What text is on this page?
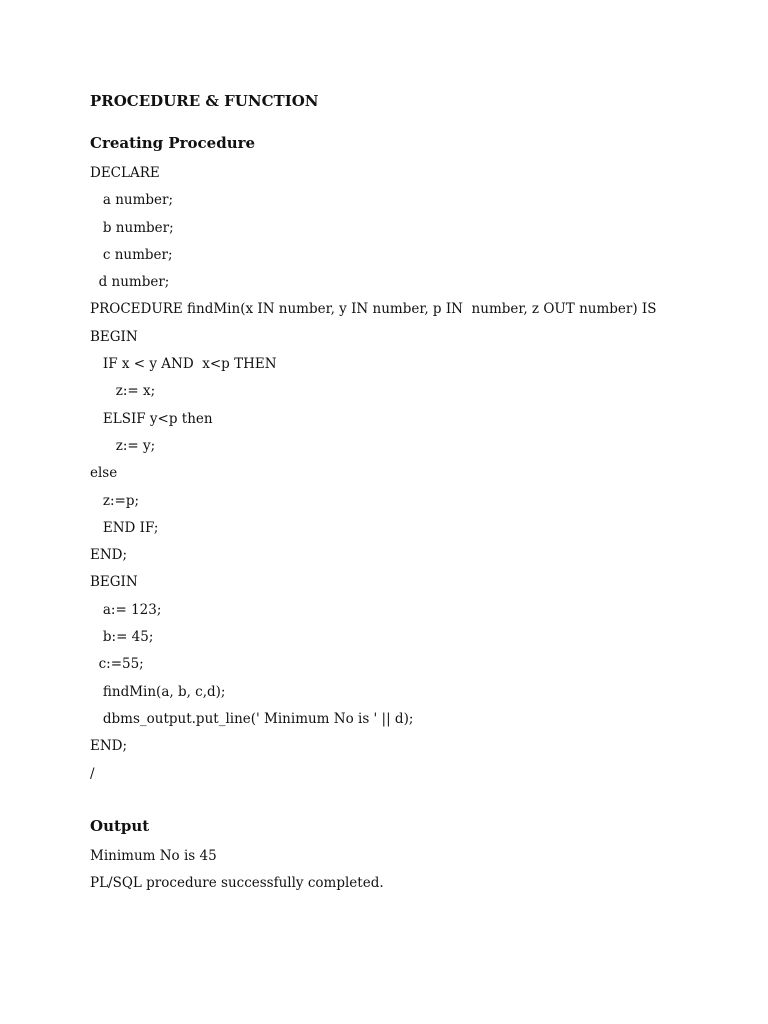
PROCEDURE & FUNCTION
Creating Procedure
DECLARE
a number;
b number;
c number;
d number;
PROCEDURE findMin(x IN number, y IN number, p IN  number, z OUT number) IS
BEGIN
IF x < y AND  x<p THEN
z:= x;
ELSIF y<p then
z:= y;
else
z:=p;
END IF;
END;
BEGIN
a:= 123;
b:= 45;
c:=55;
findMin(a, b, c,d);
dbms_output.put_line(' Minimum No is ' || d);
END;
/
Output
Minimum No is 45
PL/SQL procedure successfully completed.
